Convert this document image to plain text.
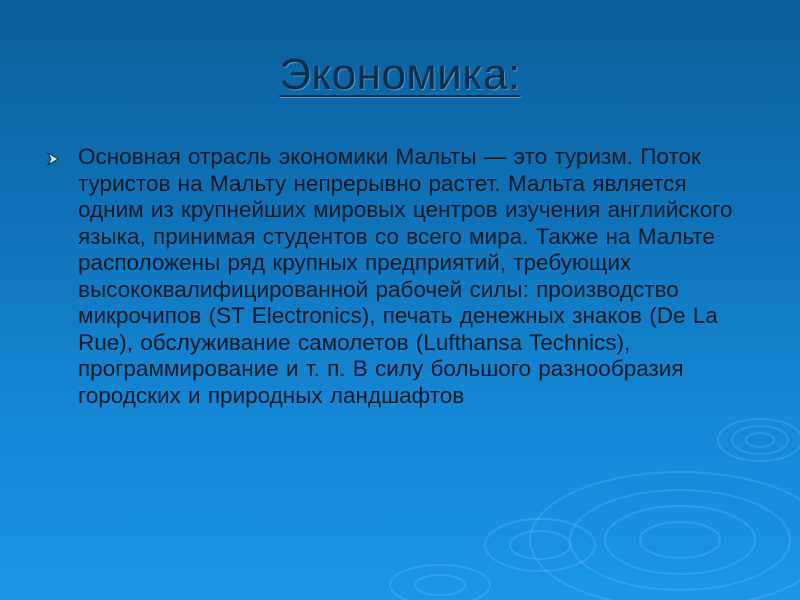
Экономика:
Основная отрасль экономики Мальты — это туризм. Поток туристов на Мальту непрерывно растет. Мальта является одним из крупнейших мировых центров изучения английского языка, принимая студентов со всего мира. Также на Мальте расположены ряд крупных предприятий, требующих высококвалифицированной рабочей силы: производство микрочипов (ST Electronics), печать денежных знаков (De La Rue), обслуживание самолетов (Lufthansa Technics), программирование и т. п. В силу большого разнообразия городских и природных ландшафтов
